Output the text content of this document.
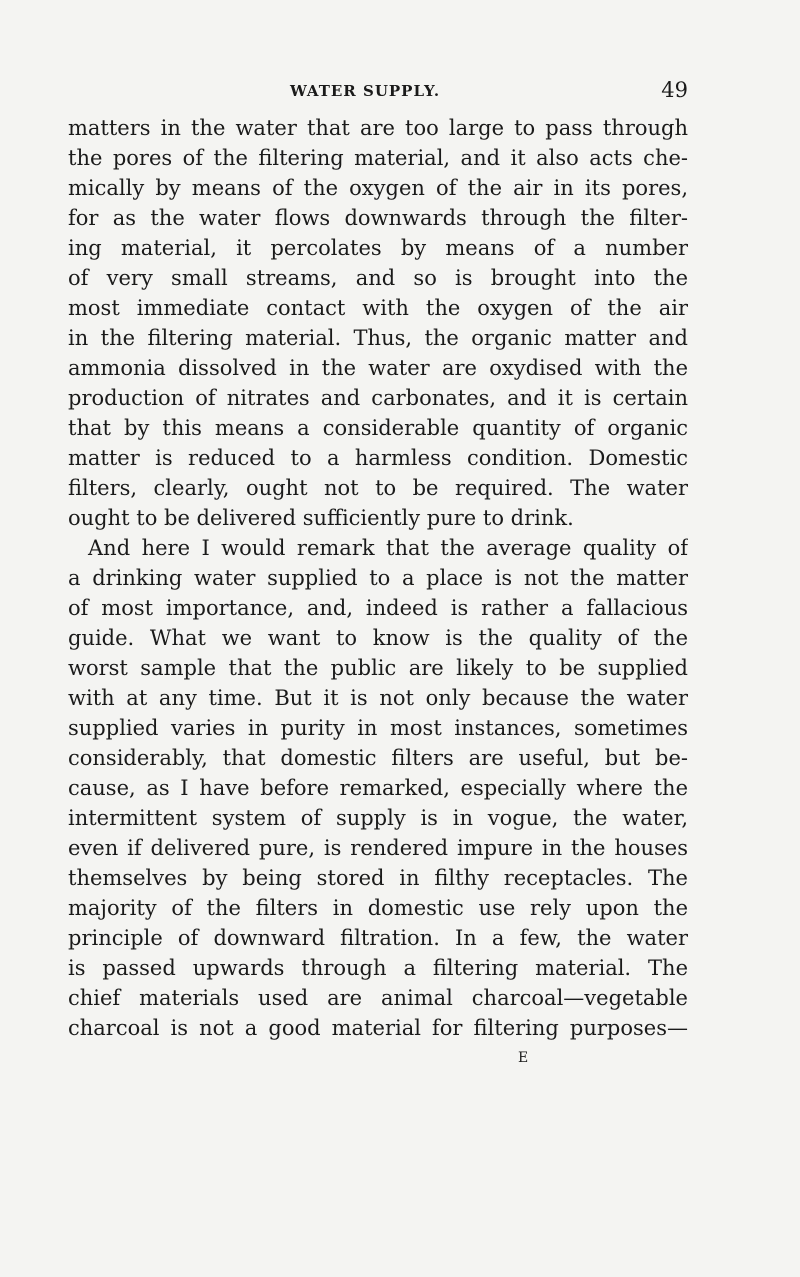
WATER SUPPLY.	49
matters in the water that are too large to pass through
the pores of the filtering material, and it also acts che-
mically by means of the oxygen of the air in its pores,
for as the water flows downwards through the filter-
ing material, it percolates by means of a number
of very small streams, and so is brought into the
most immediate contact with the oxygen of the air
in the filtering material. Thus, the organic matter and
ammonia dissolved in the water are oxydised with the
production of nitrates and carbonates, and it is certain
that by this means a considerable quantity of organic
matter is reduced to a harmless condition. Domestic
filters, clearly, ought not to be required. The water
ought to be delivered sufficiently pure to drink.
And here I would remark that the average quality of
a drinking water supplied to a place is not the matter
of most importance, and, indeed is rather a fallacious
guide. What we want to know is the quality of the
worst sample that the public are likely to be supplied
with at any time. But it is not only because the water
supplied varies in purity in most instances, sometimes
considerably, that domestic filters are useful, but be-
cause, as I have before remarked, especially where the
intermittent system of supply is in vogue, the water,
even if delivered pure, is rendered impure in the houses
themselves by being stored in filthy receptacles. The
majority of the filters in domestic use rely upon the
principle of downward filtration. In a few, the water
is passed upwards through a filtering material. The
chief materials used are animal charcoal—vegetable
charcoal is not a good material for filtering purposes—
E
